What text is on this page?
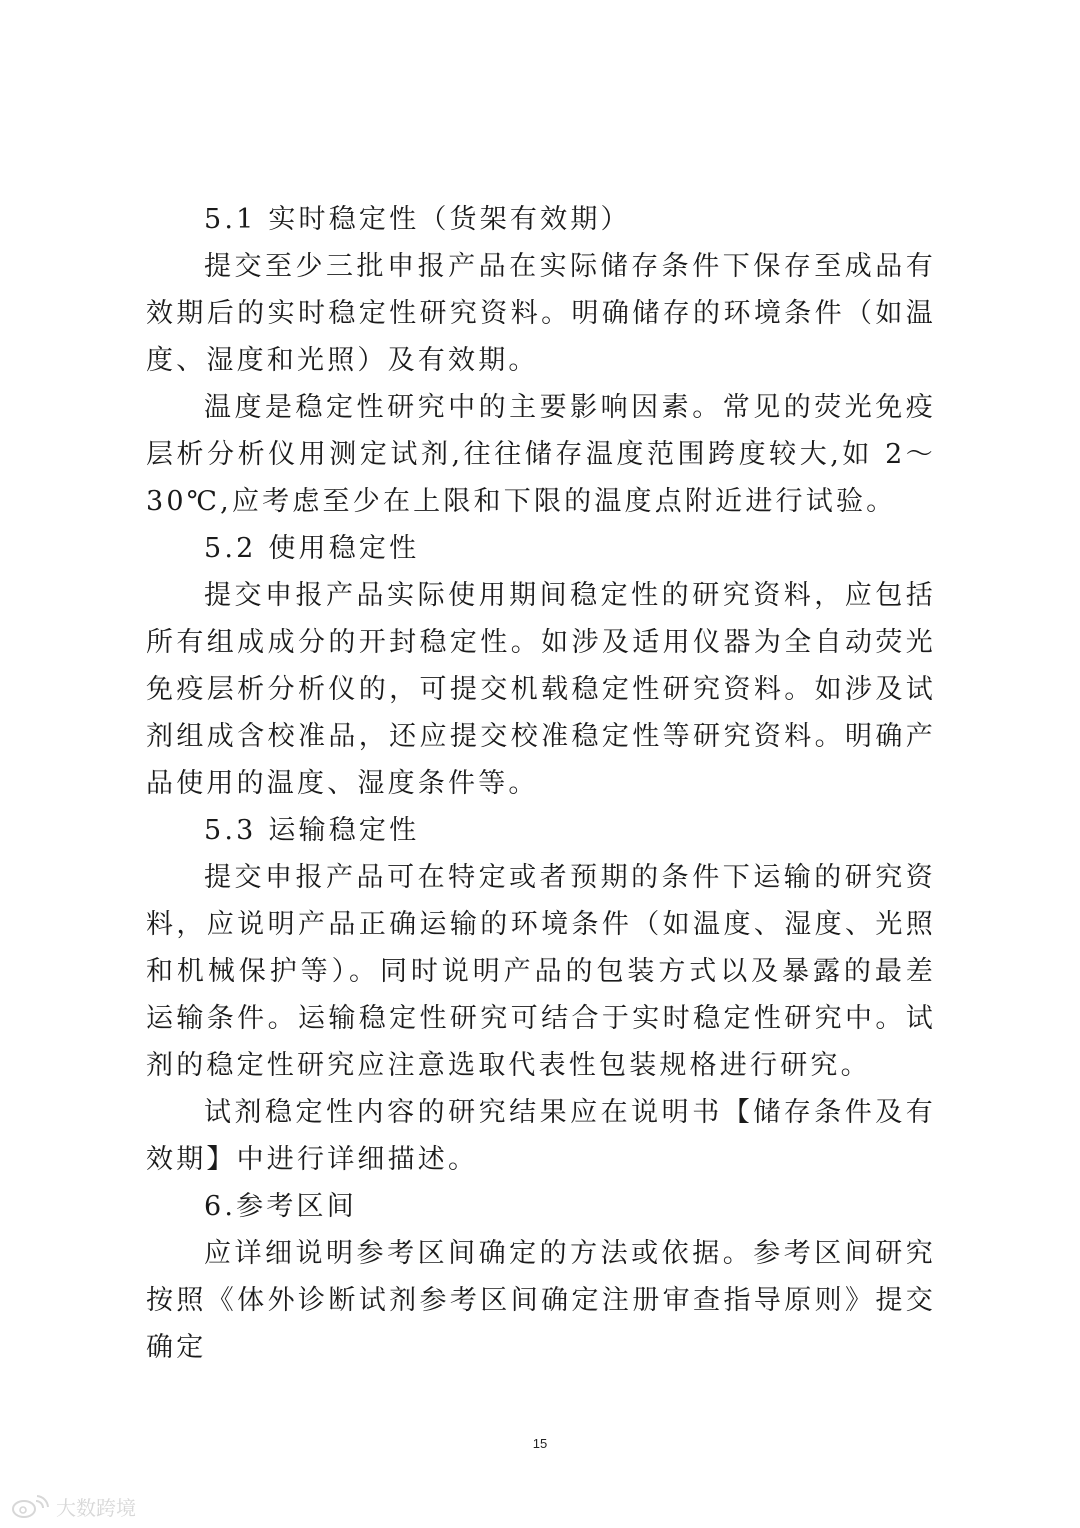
5.1 实时稳定性（货架有效期）

提交至少三批申报产品在实际储存条件下保存至成品有效期后的实时稳定性研究资料。明确储存的环境条件（如温度、湿度和光照）及有效期。

温度是稳定性研究中的主要影响因素。常见的荧光免疫层析分析仪用测定试剂,往往储存温度范围跨度较大,如 2～30℃,应考虑至少在上限和下限的温度点附近进行试验。

5.2 使用稳定性

提交申报产品实际使用期间稳定性的研究资料，应包括所有组成成分的开封稳定性。如涉及适用仪器为全自动荧光免疫层析分析仪的，可提交机载稳定性研究资料。如涉及试剂组成含校准品，还应提交校准稳定性等研究资料。明确产品使用的温度、湿度条件等。

5.3 运输稳定性

提交申报产品可在特定或者预期的条件下运输的研究资料，应说明产品正确运输的环境条件（如温度、湿度、光照和机械保护等）。同时说明产品的包装方式以及暴露的最差运输条件。运输稳定性研究可结合于实时稳定性研究中。试剂的稳定性研究应注意选取代表性包装规格进行研究。

试剂稳定性内容的研究结果应在说明书【储存条件及有效期】中进行详细描述。

6.参考区间

应详细说明参考区间确定的方法或依据。参考区间研究按照《体外诊断试剂参考区间确定注册审查指导原则》提交确定

15
大数跨境
